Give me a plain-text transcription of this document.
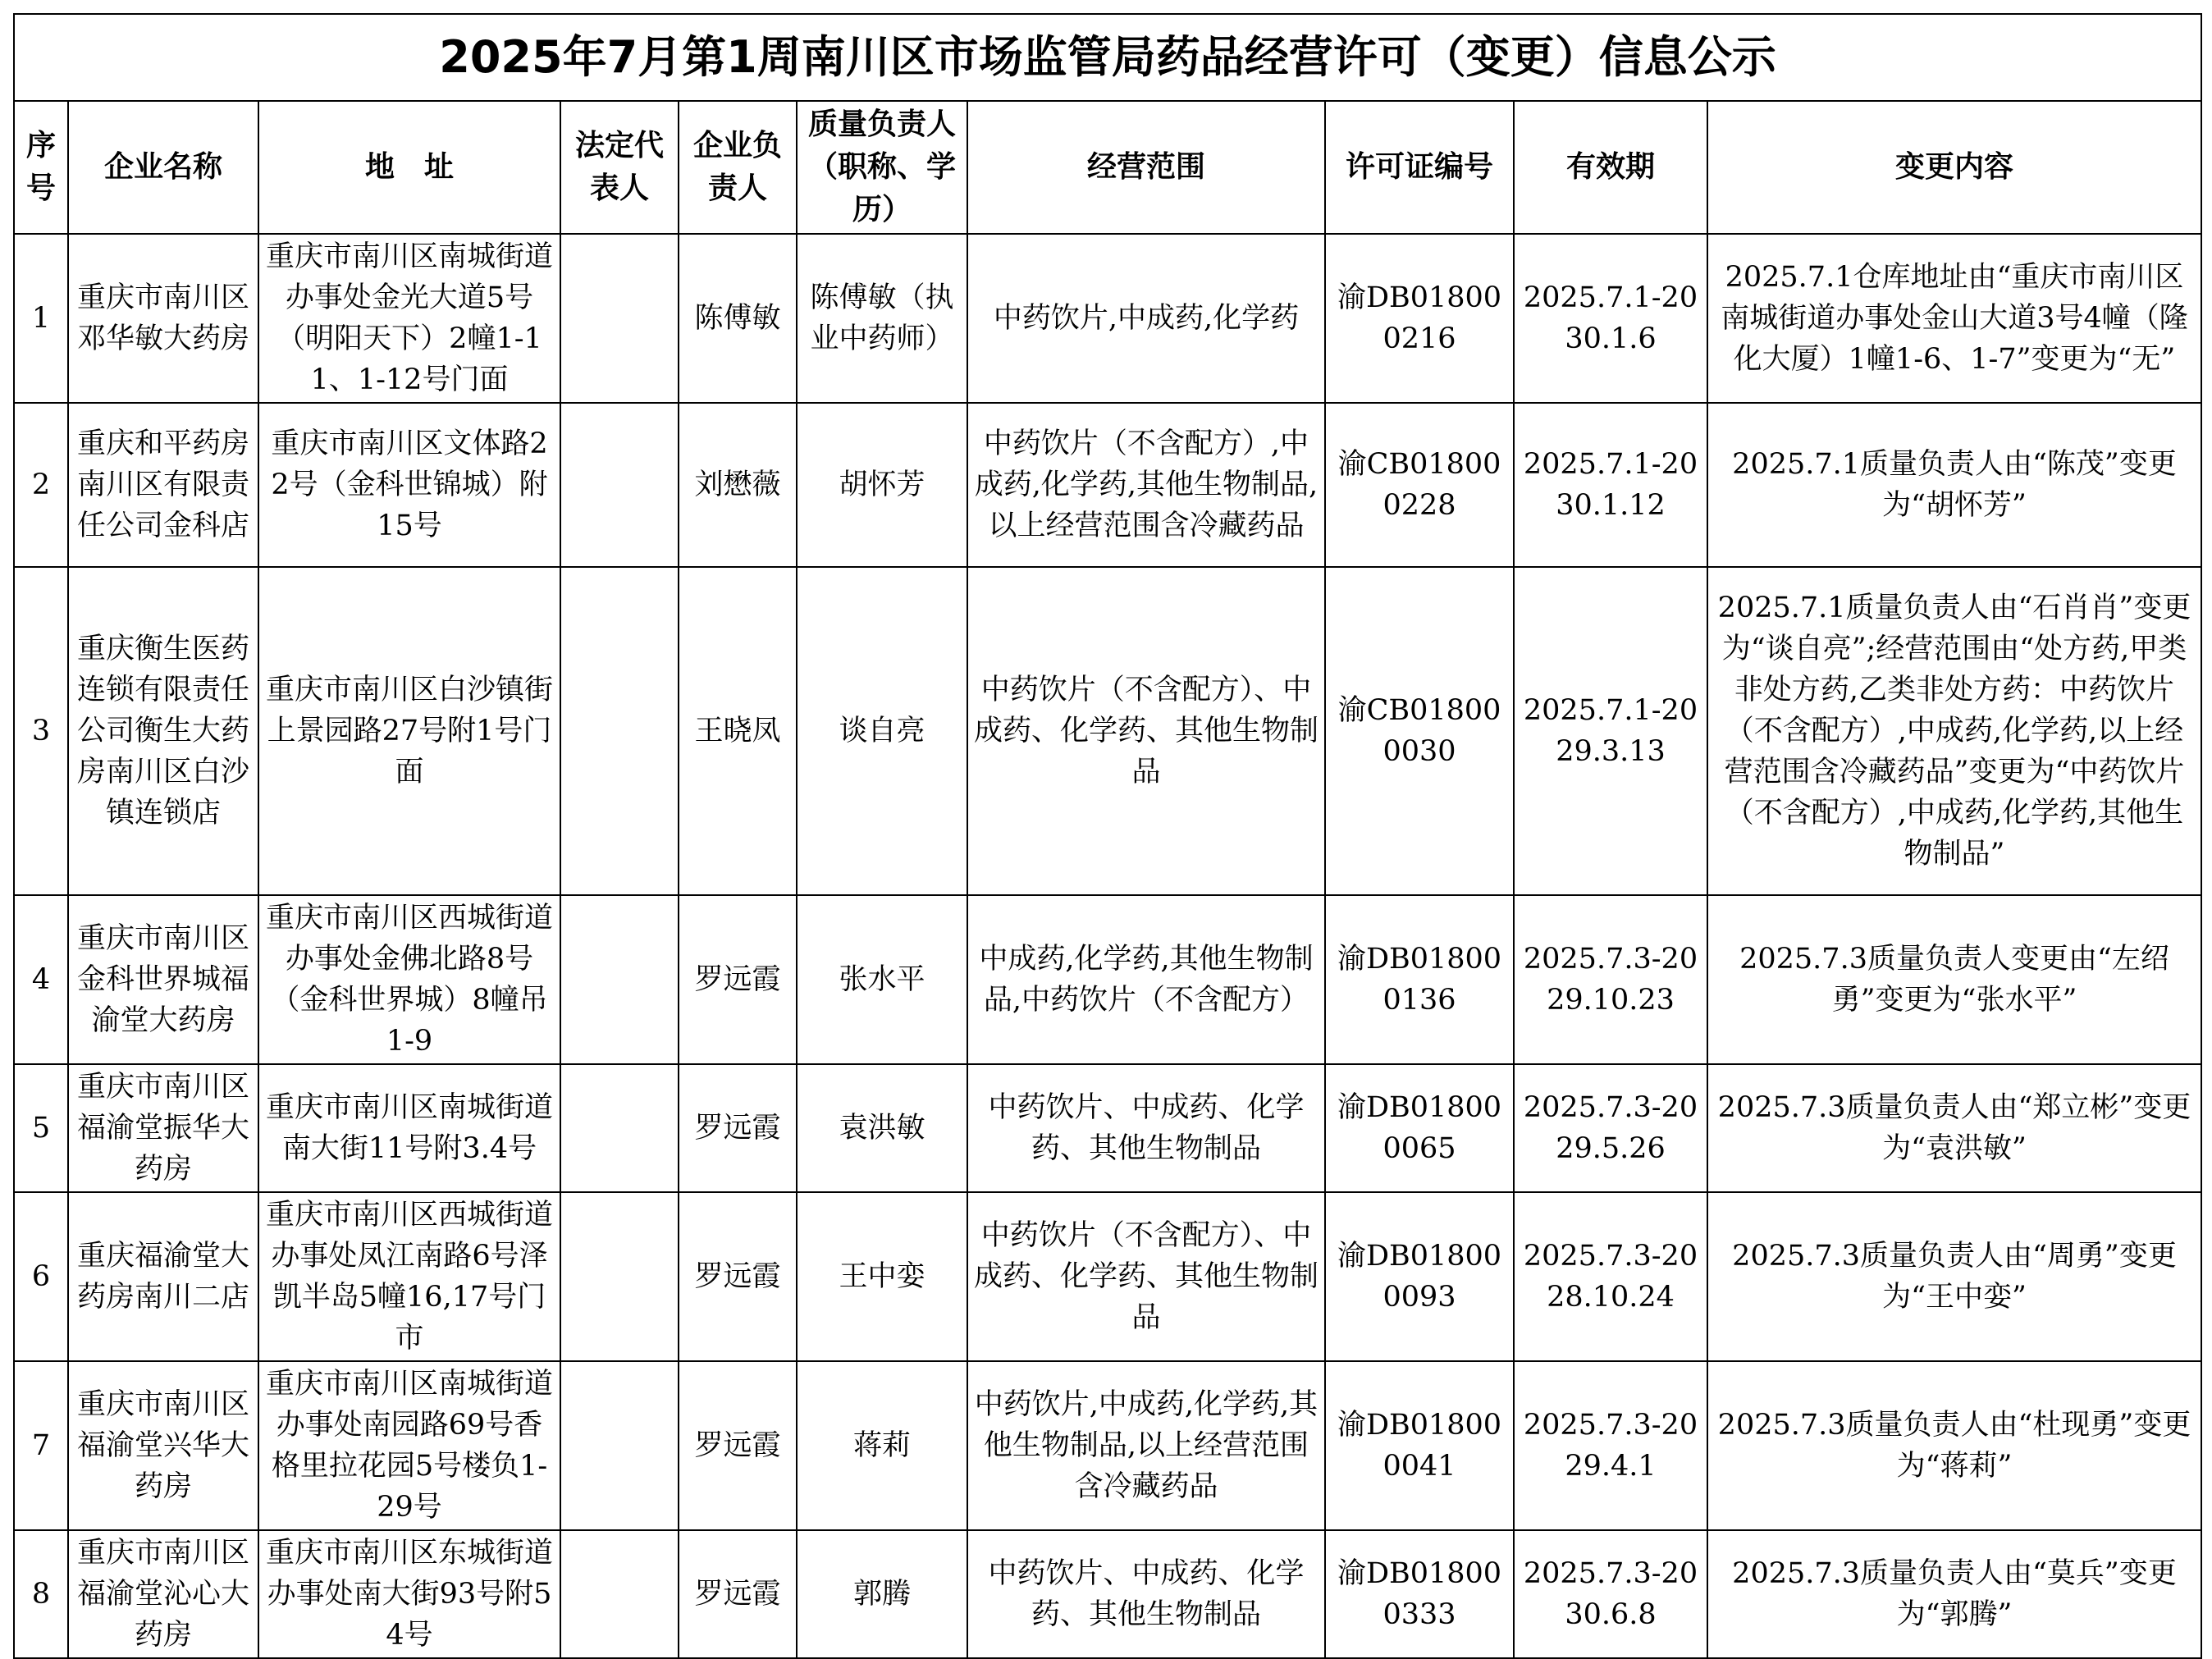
2025年7月第1周南川区市场监管局药品经营许可（变更）信息公示									
序号	企业名称	地　址	法定代表人	企业负责人	质量负责人（职称、学历）	经营范围	许可证编号	有效期	变更内容
1	重庆市南川区邓华敏大药房	重庆市南川区南城街道办事处金光大道5号（明阳天下）2幢1-11、1-12号门面		陈傅敏	陈傅敏（执业中药师）	中药饮片,中成药,化学药	渝DB018000216	2025.7.1-2030.1.6	2025.7.1仓库地址由“重庆市南川区南城街道办事处金山大道3号4幢（隆化大厦）1幢1-6、1-7”变更为“无”
2	重庆和平药房南川区有限责任公司金科店	重庆市南川区文体路22号（金科世锦城）附15号		刘懋薇	胡怀芳	中药饮片（不含配方）,中成药,化学药,其他生物制品,以上经营范围含冷藏药品	渝CB018000228	2025.7.1-2030.1.12	2025.7.1质量负责人由“陈茂”变更为“胡怀芳”
3	重庆衡生医药连锁有限责任公司衡生大药房南川区白沙镇连锁店	重庆市南川区白沙镇街上景园路27号附1号门面		王晓凤	谈自亮	中药饮片（不含配方）、中成药、化学药、其他生物制品	渝CB018000030	2025.7.1-2029.3.13	2025.7.1质量负责人由“石肖肖”变更为“谈自亮”;经营范围由“处方药,甲类非处方药,乙类非处方药：中药饮片（不含配方）,中成药,化学药,以上经营范围含冷藏药品”变更为“中药饮片（不含配方）,中成药,化学药,其他生物制品”
4	重庆市南川区金科世界城福渝堂大药房	重庆市南川区西城街道办事处金佛北路8号（金科世界城）8幢吊1-9		罗远霞	张水平	中成药,化学药,其他生物制品,中药饮片（不含配方）	渝DB018000136	2025.7.3-2029.10.23	2025.7.3质量负责人变更由“左绍勇”变更为“张水平”
5	重庆市南川区福渝堂振华大药房	重庆市南川区南城街道南大街11号附3.4号		罗远霞	袁洪敏	中药饮片、中成药、化学药、其他生物制品	渝DB018000065	2025.7.3-2029.5.26	2025.7.3质量负责人由“郑立彬”变更为“袁洪敏”
6	重庆福渝堂大药房南川二店	重庆市南川区西城街道办事处凤江南路6号泽凯半岛5幢16,17号门市		罗远霞	王中娈	中药饮片（不含配方）、中成药、化学药、其他生物制品	渝DB018000093	2025.7.3-2028.10.24	2025.7.3质量负责人由“周勇”变更为“王中娈”
7	重庆市南川区福渝堂兴华大药房	重庆市南川区南城街道办事处南园路69号香格里拉花园5号楼负1-29号		罗远霞	蒋莉	中药饮片,中成药,化学药,其他生物制品,以上经营范围含冷藏药品	渝DB018000041	2025.7.3-2029.4.1	2025.7.3质量负责人由“杜现勇”变更为“蒋莉”
8	重庆市南川区福渝堂沁心大药房	重庆市南川区东城街道办事处南大街93号附54号		罗远霞	郭腾	中药饮片、中成药、化学药、其他生物制品	渝DB018000333	2025.7.3-2030.6.8	2025.7.3质量负责人由“莫兵”变更为“郭腾”
